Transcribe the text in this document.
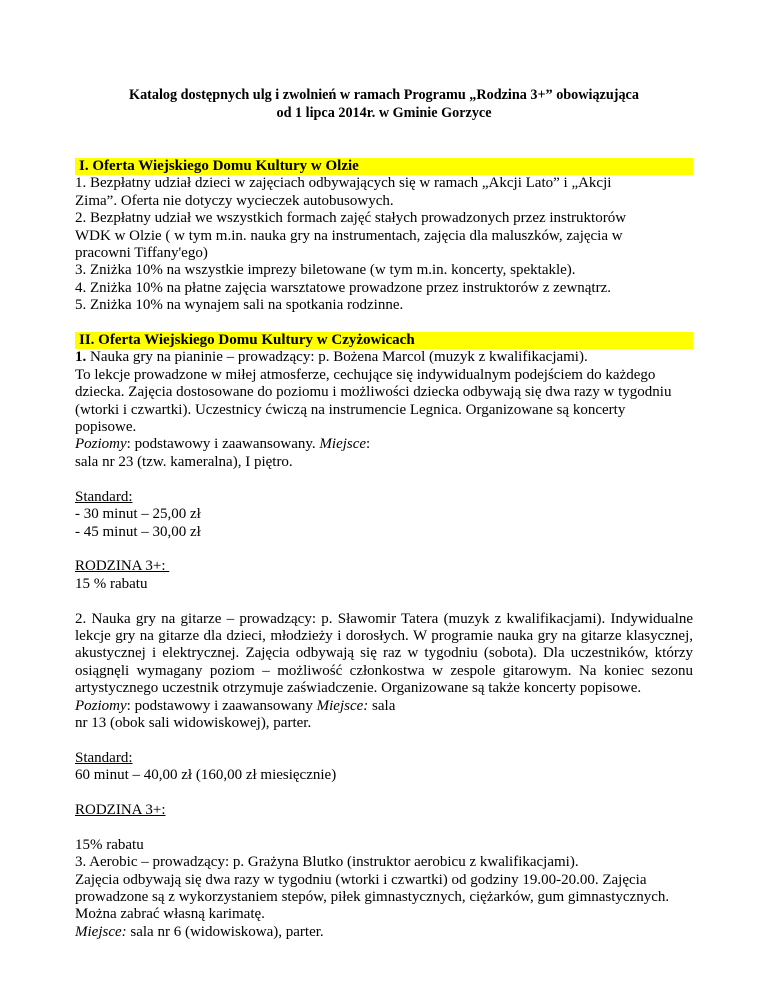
Katalog dostępnych ulg i zwolnień w ramach Programu „Rodzina 3+” obowiązująca

od 1 lipca 2014r. w Gminie Gorzyce

I. Oferta Wiejskiego Domu Kultury w Olzie

1. Bezpłatny udział dzieci w zajęciach odbywających się w ramach „Akcji Lato” i „Akcji

Zima”. Oferta nie dotyczy wycieczek autobusowych.

2. Bezpłatny udział we wszystkich formach zajęć stałych prowadzonych przez instruktorów

WDK w Olzie ( w tym m.in. nauka gry na instrumentach, zajęcia dla maluszków, zajęcia w

pracowni Tiffany'ego)

3. Zniżka 10% na wszystkie imprezy biletowane (w tym m.in. koncerty, spektakle).

4. Zniżka 10% na płatne zajęcia warsztatowe prowadzone przez instruktorów z zewnątrz.

5. Zniżka 10% na wynajem sali na spotkania rodzinne.

II. Oferta Wiejskiego Domu Kultury w Czyżowicach

1. Nauka gry na pianinie – prowadzący: p. Bożena Marcol (muzyk z kwalifikacjami).

To lekcje prowadzone w miłej atmosferze, cechujące się indywidualnym podejściem do każdego

dziecka. Zajęcia dostosowane do poziomu i możliwości dziecka odbywają się dwa razy w tygodniu

(wtorki i czwartki). Uczestnicy ćwiczą na instrumencie Legnica. Organizowane są koncerty

popisowe.

Poziomy: podstawowy i zaawansowany. Miejsce:

sala nr 23 (tzw. kameralna), I piętro.

Standard:

- 30 minut – 25,00 zł

- 45 minut – 30,00 zł

RODZINA 3+:

15 % rabatu

2. Nauka gry na gitarze – prowadzący: p. Sławomir Tatera (muzyk z kwalifikacjami). Indywidualne lekcje gry na gitarze dla dzieci, młodzieży i dorosłych. W programie nauka gry na gitarze klasycznej, akustycznej i elektrycznej. Zajęcia odbywają się raz w tygodniu (sobota). Dla uczestników, którzy osiągnęli wymagany poziom – możliwość członkostwa w zespole gitarowym. Na koniec sezonu artystycznego uczestnik otrzymuje zaświadczenie. Organizowane są także koncerty popisowe.

Poziomy: podstawowy i zaawansowany Miejsce: sala

nr 13 (obok sali widowiskowej), parter.

Standard:

60 minut – 40,00 zł (160,00 zł miesięcznie)

RODZINA 3+:

15% rabatu

3. Aerobic – prowadzący: p. Grażyna Blutko (instruktor aerobicu z kwalifikacjami).

Zajęcia odbywają się dwa razy w tygodniu (wtorki i czwartki) od godziny 19.00-20.00. Zajęcia

prowadzone są z wykorzystaniem stepów, piłek gimnastycznych, ciężarków, gum gimnastycznych.

Można zabrać własną karimatę.

Miejsce: sala nr 6 (widowiskowa), parter.
